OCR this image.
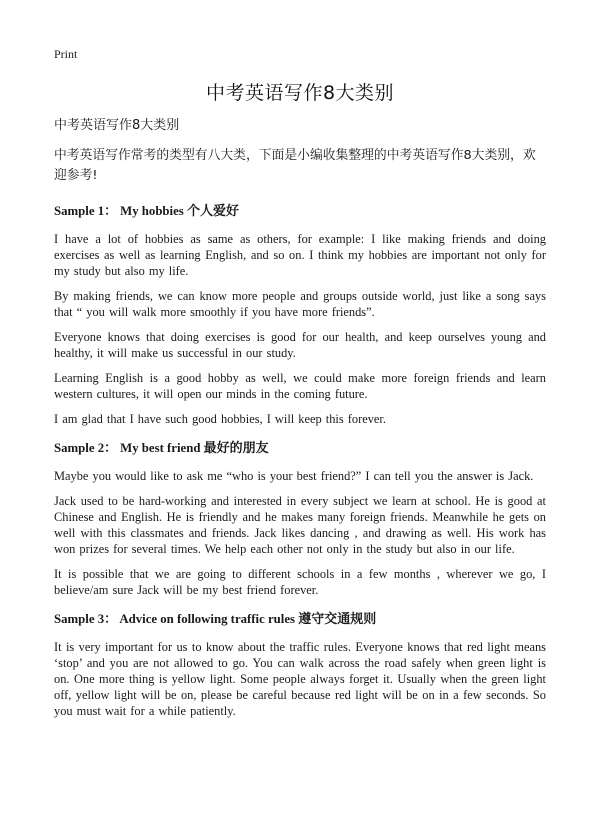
Print
中考英语写作8大类别

中考英语写作8大类别

中考英语写作常考的类型有八大类，下面是小编收集整理的中考英语写作8大类别，欢迎参考!

Sample 1： My hobbies 个人爱好

I have a lot of hobbies as same as others, for example: I like making friends and doing exercises as well as learning English, and so on. I think my hobbies are important not only for my study but also my life.

By making friends, we can know more people and groups outside world, just like a song says that “ you will walk more smoothly if you have more friends”.

Everyone knows that doing exercises is good for our health, and keep ourselves young and healthy, it will make us successful in our study.

Learning English is a good hobby as well, we could make more foreign friends and learn western cultures, it will open our minds in the coming future.

I am glad that I have such good hobbies, I will keep this forever.

Sample 2： My best friend 最好的朋友

Maybe you would like to ask me “who is your best friend?” I can tell you the answer is Jack.

Jack used to be hard-working and interested in every subject we learn at school. He is good at Chinese and English. He is friendly and he makes many foreign friends. Meanwhile he gets on well with this classmates and friends. Jack likes dancing , and drawing as well. His work has won prizes for several times. We help each other not only in the study but also in our life.

It is possible that we are going to different schools in a few months , wherever we go, I believe/am sure Jack will be my best friend forever.

Sample 3： Advice on following traffic rules 遵守交通规则

It is very important for us to know about the traffic rules. Everyone knows that red light means ‘stop’ and you are not allowed to go. You can walk across the road safely when green light is on. One more thing is yellow light. Some people always forget it. Usually when the green light off, yellow light will be on, please be careful because red light will be on in a few seconds. So you must wait for a while patiently.
